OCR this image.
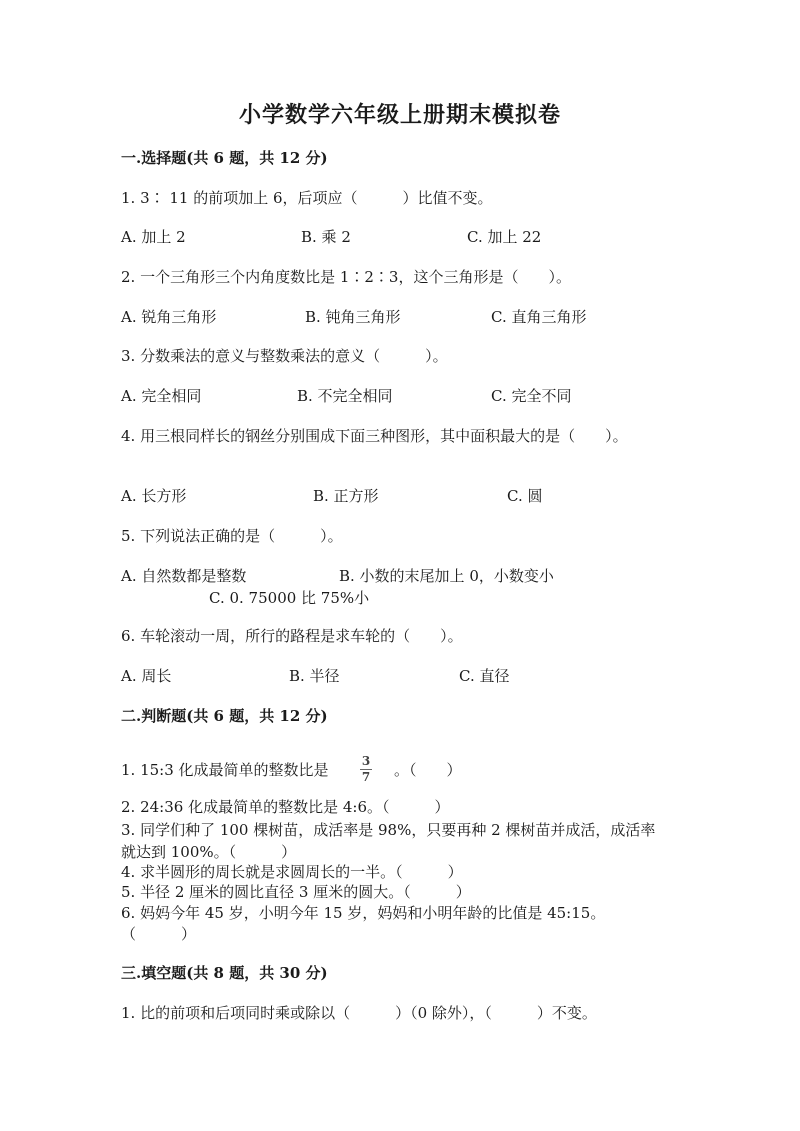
小学数学六年级上册期末模拟卷
一.选择题(共 6 题，共 12 分)
1. 3∶ 11 的前项加上 6，后项应（　　　）比值不变。
A. 加上 2	B. 乘 2	C. 加上 22
2. 一个三角形三个内角度数比是 1∶2∶3，这个三角形是（　　）。
A. 锐角三角形	B. 钝角三角形	C. 直角三角形
3. 分数乘法的意义与整数乘法的意义（　　　）。
A. 完全相同	B. 不完全相同	C. 完全不同
4. 用三根同样长的钢丝分别围成下面三种图形，其中面积最大的是（　　）。
A. 长方形	B. 正方形	C. 圆
5. 下列说法正确的是（　　　）。
A. 自然数都是整数	B. 小数的末尾加上 0，小数变小
C. 0. 75000 比 75%小
6. 车轮滚动一周，所行的路程是求车轮的（　　）。
A. 周长	B. 半径	C. 直径
二.判断题(共 6 题，共 12 分)
1. 15:3 化成最简单的整数比是	3
7	。（　　）
2. 24:36 化成最简单的整数比是 4:6。（　　　）
3. 同学们种了 100 棵树苗，成活率是 98%，只要再种 2 棵树苗并成活，成活率
就达到 100%。（　　　）
4. 求半圆形的周长就是求圆周长的一半。（　　　）
5. 半径 2 厘米的圆比直径 3 厘米的圆大。（　　　）
6. 妈妈今年 45 岁，小明今年 15 岁，妈妈和小明年龄的比值是 45:15。
（　　　）
三.填空题(共 8 题，共 30 分)
1. 比的前项和后项同时乘或除以（　　　）（0 除外），（　　　）不变。
